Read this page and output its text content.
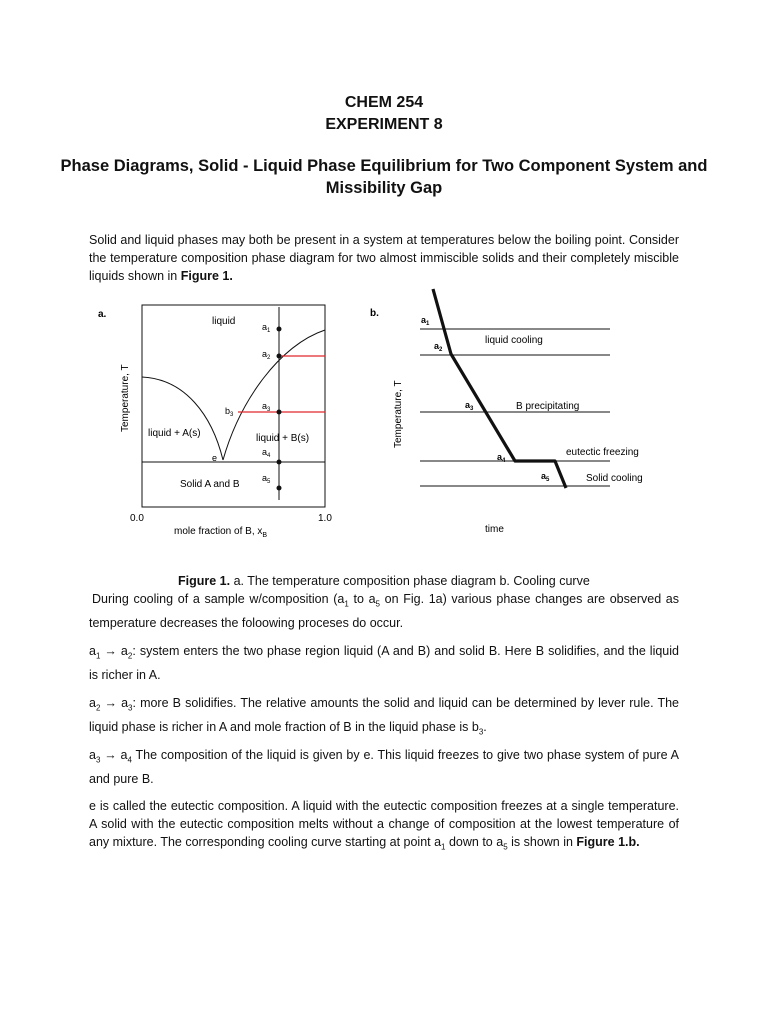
CHEM 254
EXPERIMENT 8
Phase Diagrams, Solid - Liquid Phase Equilibrium for Two Component System and Missibility Gap
Solid and liquid phases may both be present in a system at temperatures below the boiling point. Consider the temperature composition phase diagram for two almost immiscible solids and their completely miscible liquids shown in Figure 1.
a.
$a_1$
$a_2$
$a_3$
$a_4$
$a_5$
$b_3$
e
liquid
liquid + A(s)	liquid + B(s)
Solid A and B
Temperature, T
0.0	1.0
mole fraction of B, $x_B$
b.
$a_1$
$a_2$
$a_3$
$a_4$
$a_5$
liquid cooling
B precipitating
eutectic freezing
Solid cooling
Temperature, T
time
Figure 1. a. The temperature composition phase diagram b. Cooling curve
During cooling of a sample w/composition ($a_1$ to $a_5$ on Fig. 1a) various phase changes are observed as temperature decreases the foloowing proceses do occur.
$a_1 \to a_2$: system enters the two phase region liquid (A and B) and solid B. Here B solidifies, and the liquid is richer in A.
$a_2 \to a_3$: more B solidifies. The relative amounts the solid and liquid can be determined by lever rule. The liquid phase is richer in A and mole fraction of B in the liquid phase is $b_3$.
$a_3 \to a_4$ The composition of the liquid is given by e. This liquid freezes to give two phase system of pure A and pure B.
e is called the eutectic composition. A liquid with the eutectic composition freezes at a single temperature. A solid with the eutectic composition melts without a change of composition at the lowest temperature of any mixture. The corresponding cooling curve starting at point $a_1$ down to $a_5$ is shown in Figure 1.b.
